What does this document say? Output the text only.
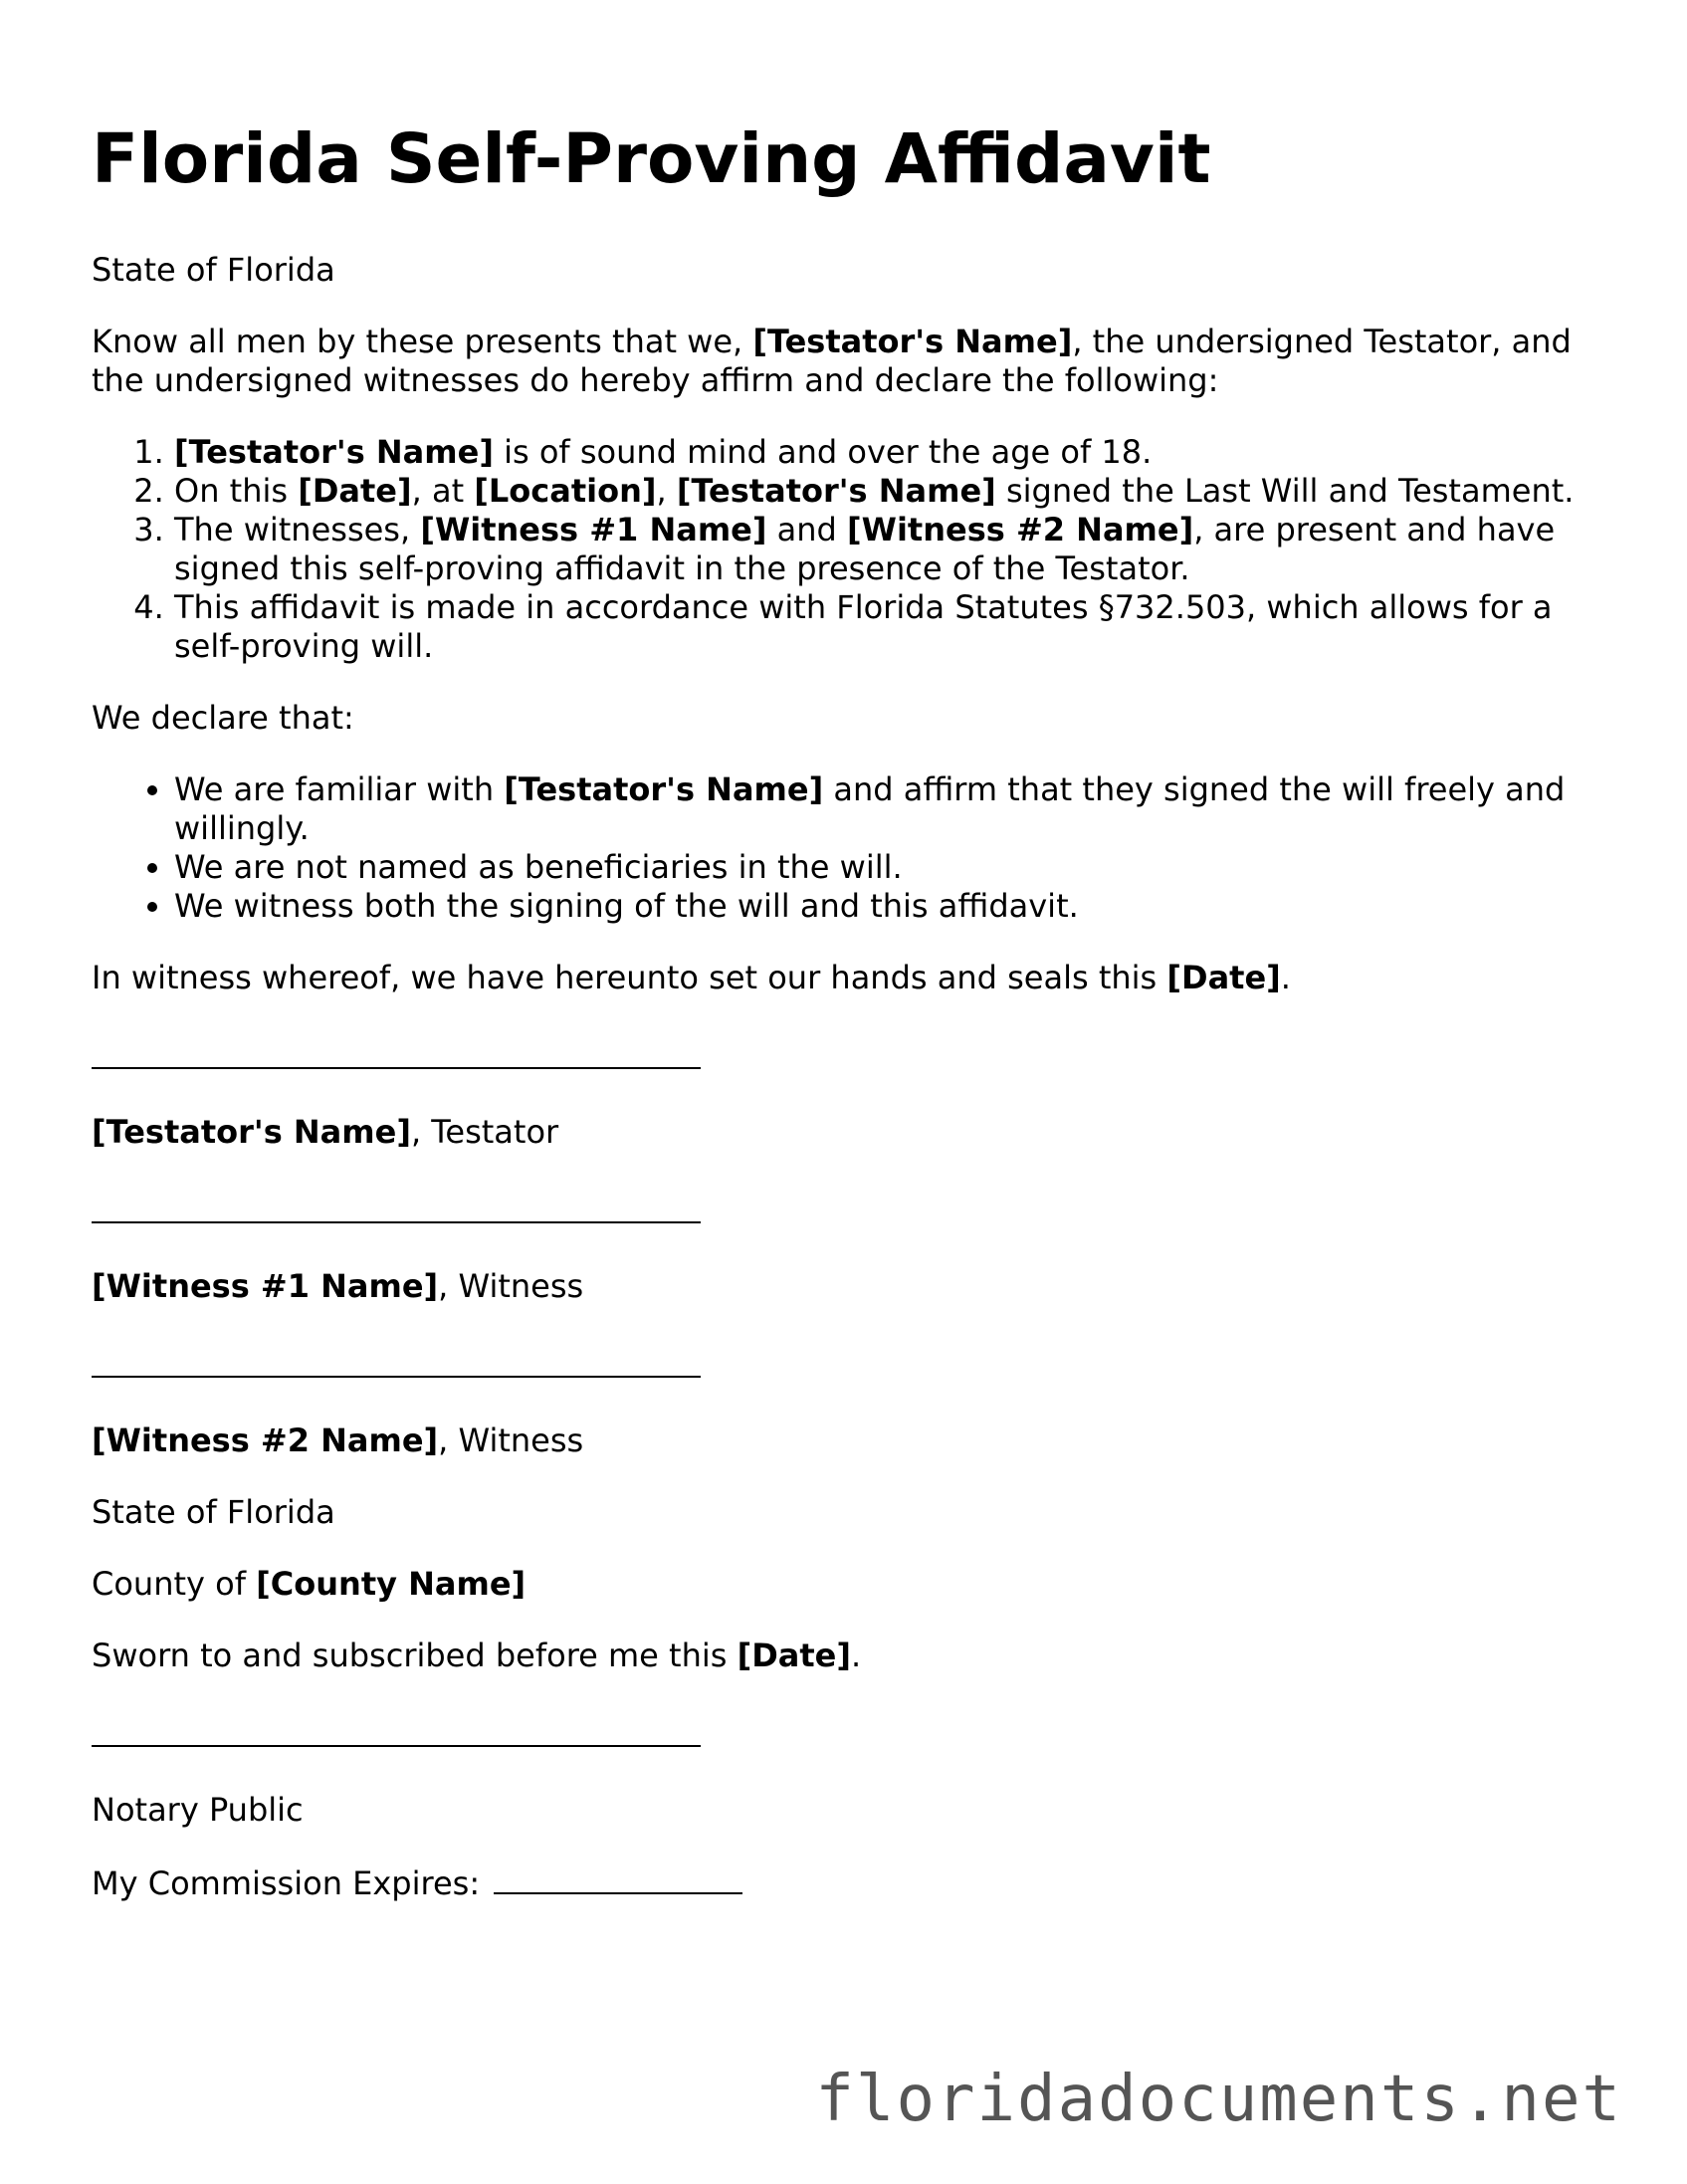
Florida Self-Proving Affidavit

State of Florida

Know all men by these presents that we, [Testator's Name], the undersigned Testator, and the undersigned witnesses do hereby affirm and declare the following:

1. [Testator's Name] is of sound mind and over the age of 18.
2. On this [Date], at [Location], [Testator's Name] signed the Last Will and Testament.
3. The witnesses, [Witness #1 Name] and [Witness #2 Name], are present and have signed this self-proving affidavit in the presence of the Testator.
4. This affidavit is made in accordance with Florida Statutes §732.503, which allows for a self-proving will.

We declare that:

• We are familiar with [Testator's Name] and affirm that they signed the will freely and willingly.
• We are not named as beneficiaries in the will.
• We witness both the signing of the will and this affidavit.

In witness whereof, we have hereunto set our hands and seals this [Date].

[Testator's Name], Testator

[Witness #1 Name], Witness

[Witness #2 Name], Witness

State of Florida

County of [County Name]

Sworn to and subscribed before me this [Date].

Notary Public

My Commission Expires:

floridadocuments.net
